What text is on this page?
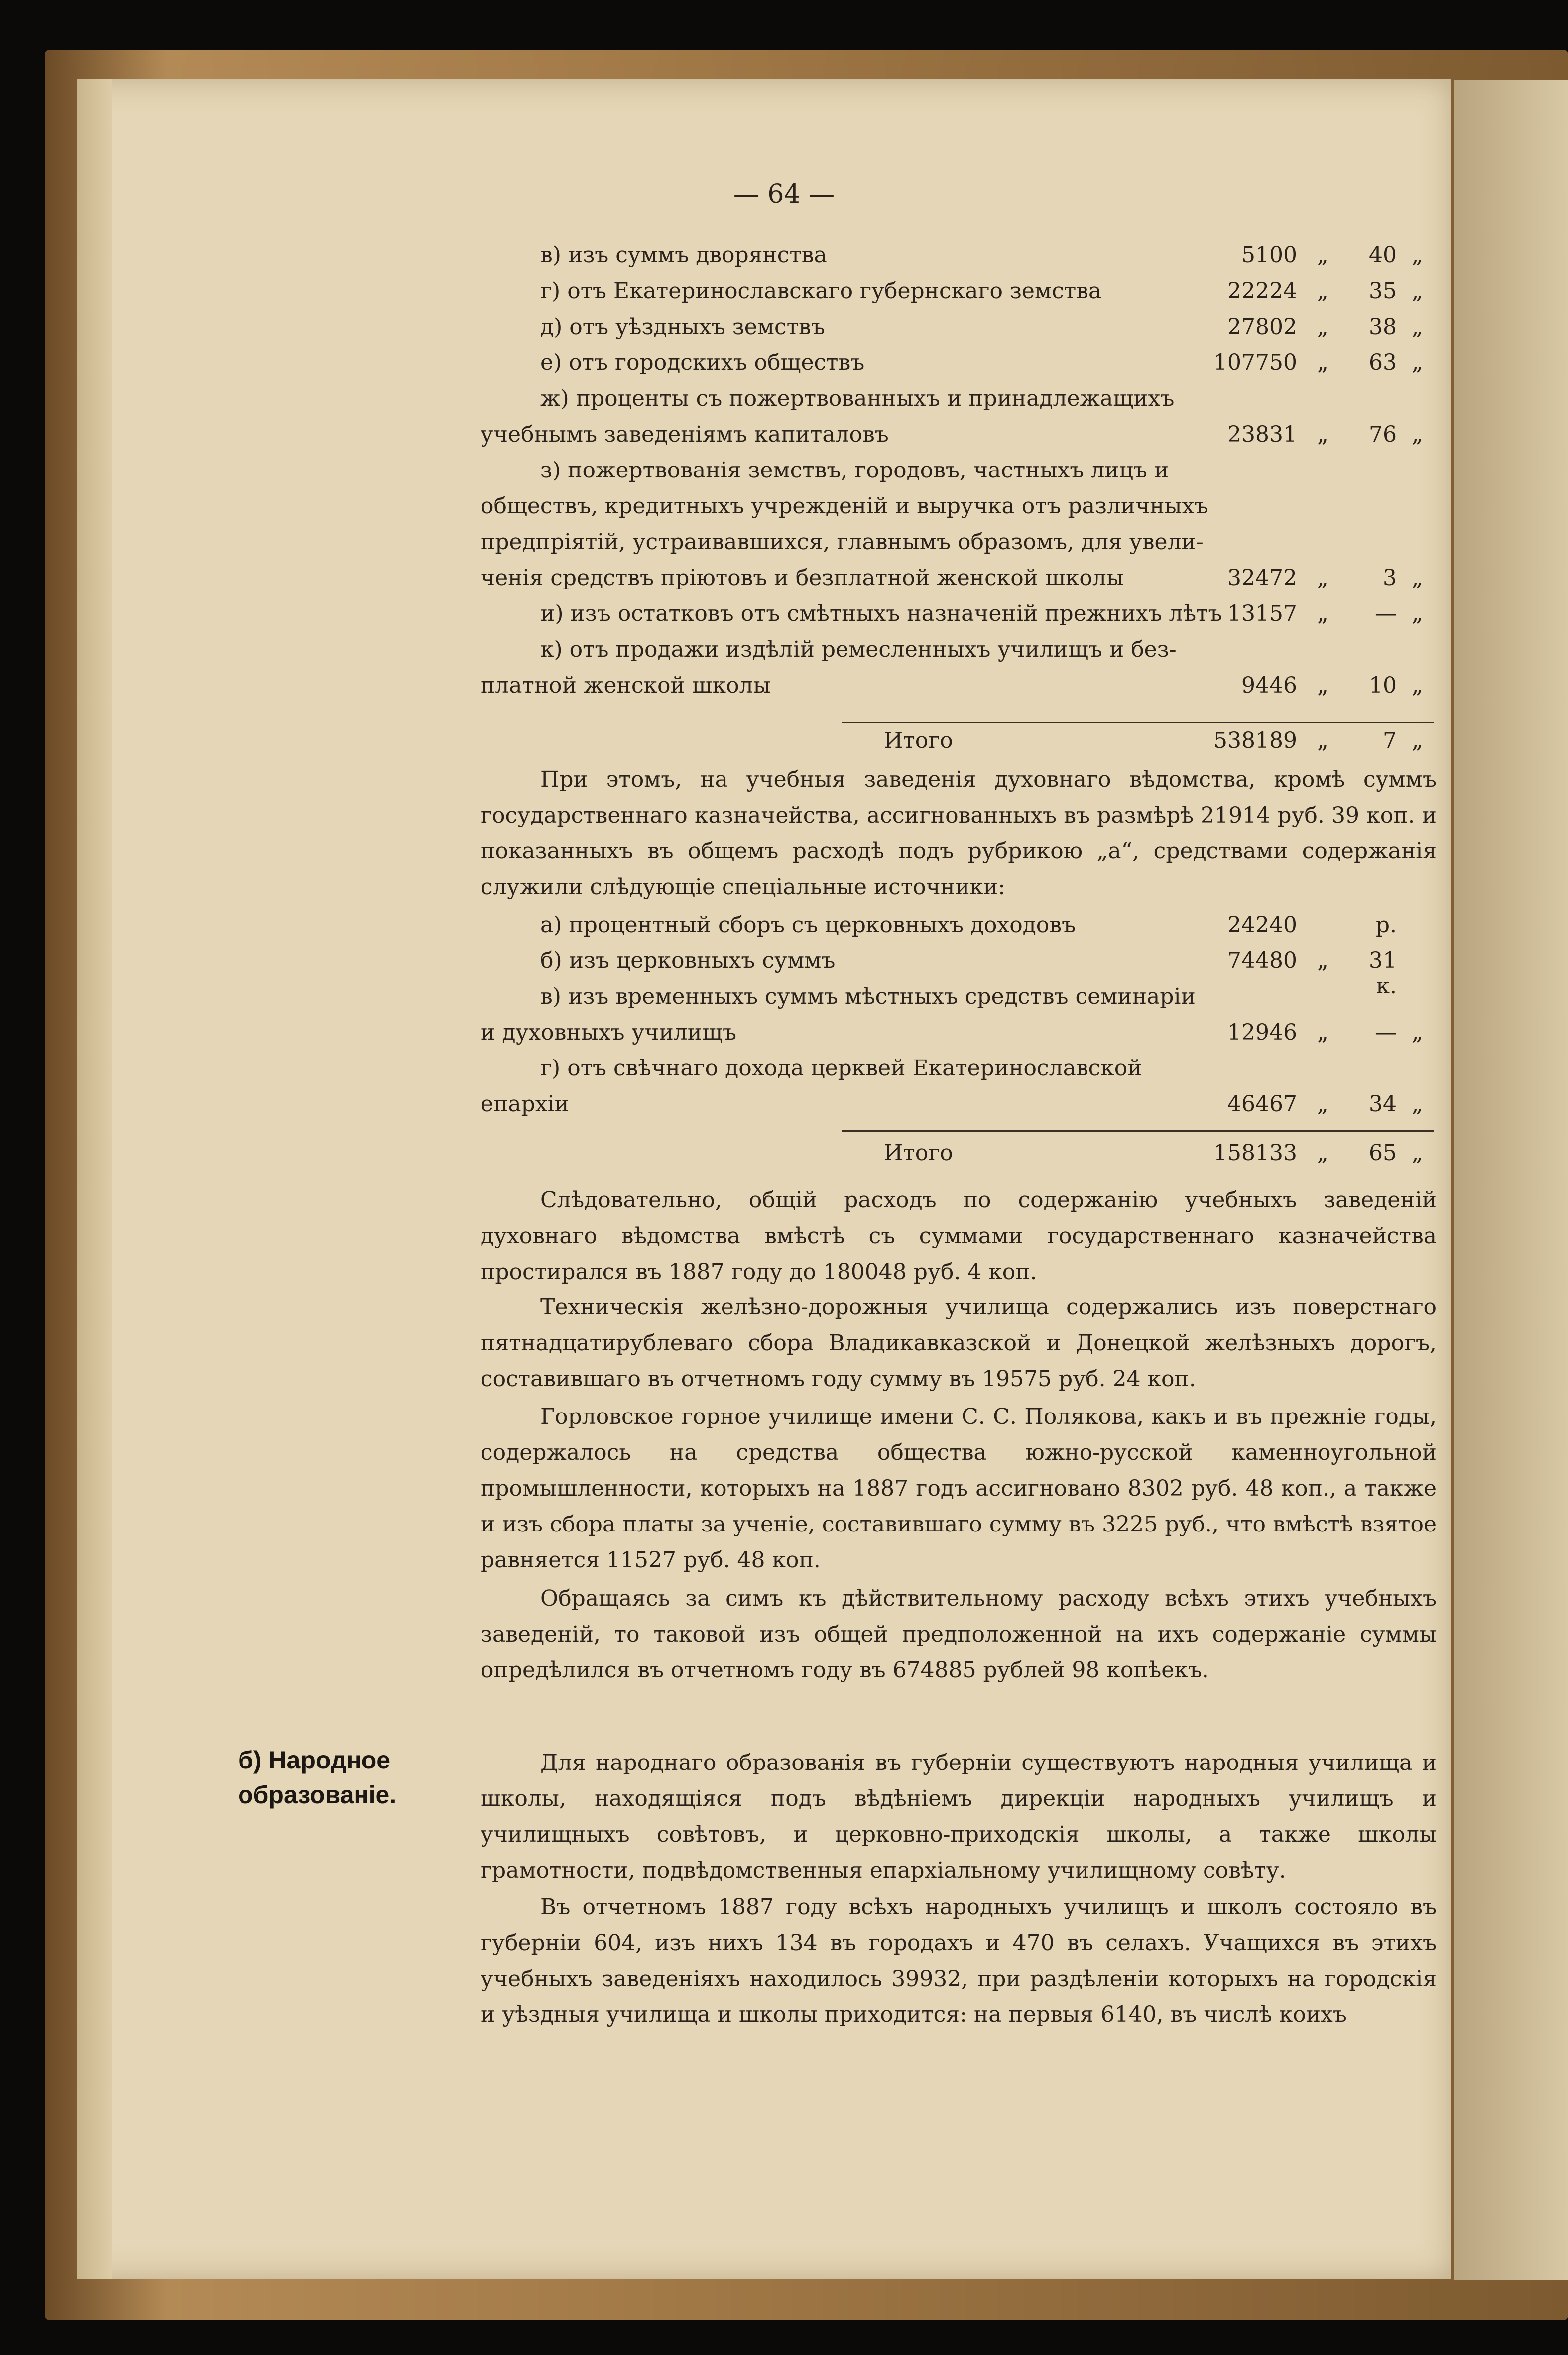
— 64 —
в) изъ суммъ дворянства	5100 „	40 „
г) отъ Екатеринославскаго губернскаго земства	22224 „	35 „
д) отъ уѣздныхъ земствъ	27802 „	38 „
е) отъ городскихъ обществъ	107750 „	63 „
ж) проценты съ пожертвованныхъ и принадлежащихъ
учебнымъ заведеніямъ капиталовъ	23831 „	76 „
з) пожертвованія земствъ, городовъ, частныхъ лицъ и
обществъ, кредитныхъ учрежденій и выручка отъ различныхъ
предпріятій, устраивавшихся, главнымъ образомъ, для увели-
ченія средствъ пріютовъ и безплатной женской школы	32472 „	3 „
и) изъ остатковъ отъ смѣтныхъ назначеній прежнихъ лѣтъ 13157 „	— „
к) отъ продажи издѣлій ремесленныхъ училищъ и без-
платной женской школы	9446 „	10 „
Итого	538189 „	7 „
При этомъ, на учебныя заведенія духовнаго вѣдомства, кромѣ суммъ государственнаго казначейства, ассигнованныхъ въ размѣрѣ 21914 руб. 39 коп. и показанныхъ въ общемъ расходѣ подъ рубрикою „а“, средствами содержанія служили слѣдующіе спеціальные источники:
а) процентный сборъ съ церковныхъ доходовъ	24240	р.
б) изъ церковныхъ суммъ	74480 „	31 к.
в) изъ временныхъ суммъ мѣстныхъ средствъ семинаріи
и духовныхъ училищъ	12946 „	— „
г) отъ свѣчнаго дохода церквей Екатеринославской
епархіи	46467 „	34 „
Итого	158133 „	65 „
Слѣдовательно, общій расходъ по содержанію учебныхъ заведеній духовнаго вѣдомства вмѣстѣ съ суммами государственнаго казначейства простирался въ 1887 году до 180048 руб. 4 коп.
Техническія желѣзно-дорожныя училища содержались изъ поверстнаго пятнадцатирублеваго сбора Владикавказской и Донецкой желѣзныхъ дорогъ, составившаго въ отчетномъ году сумму въ 19575 руб. 24 коп.
Горловское горное училище имени С. С. Полякова, какъ и въ прежніе годы, содержалось на средства общества южно-русской каменноугольной промышленности, которыхъ на 1887 годъ ассигновано 8302 руб. 48 коп., а также и изъ сбора платы за ученіе, составившаго сумму въ 3225 руб., что вмѣстѣ взятое равняется 11527 руб. 48 коп.
Обращаясь за симъ къ дѣйствительному расходу всѣхъ этихъ учебныхъ заведеній, то таковой изъ общей предположенной на ихъ содержаніе суммы опредѣлился въ отчетномъ году въ 674885 рублей 98 копѣекъ.
б) Народное образованіе.
Для народнаго образованія въ губерніи существуютъ народныя училища и школы, находящіяся подъ вѣдѣніемъ дирекціи народныхъ училищъ и училищныхъ совѣтовъ, и церковно-приходскія школы, а также школы грамотности, подвѣдомственныя епархіальному училищному совѣту.
Въ отчетномъ 1887 году всѣхъ народныхъ училищъ и школъ состояло въ губерніи 604, изъ нихъ 134 въ городахъ и 470 въ селахъ. Учащихся въ этихъ учебныхъ заведеніяхъ находилось 39932, при раздѣленіи которыхъ на городскія и уѣздныя училища и школы приходится: на первыя 6140, въ числѣ коихъ
